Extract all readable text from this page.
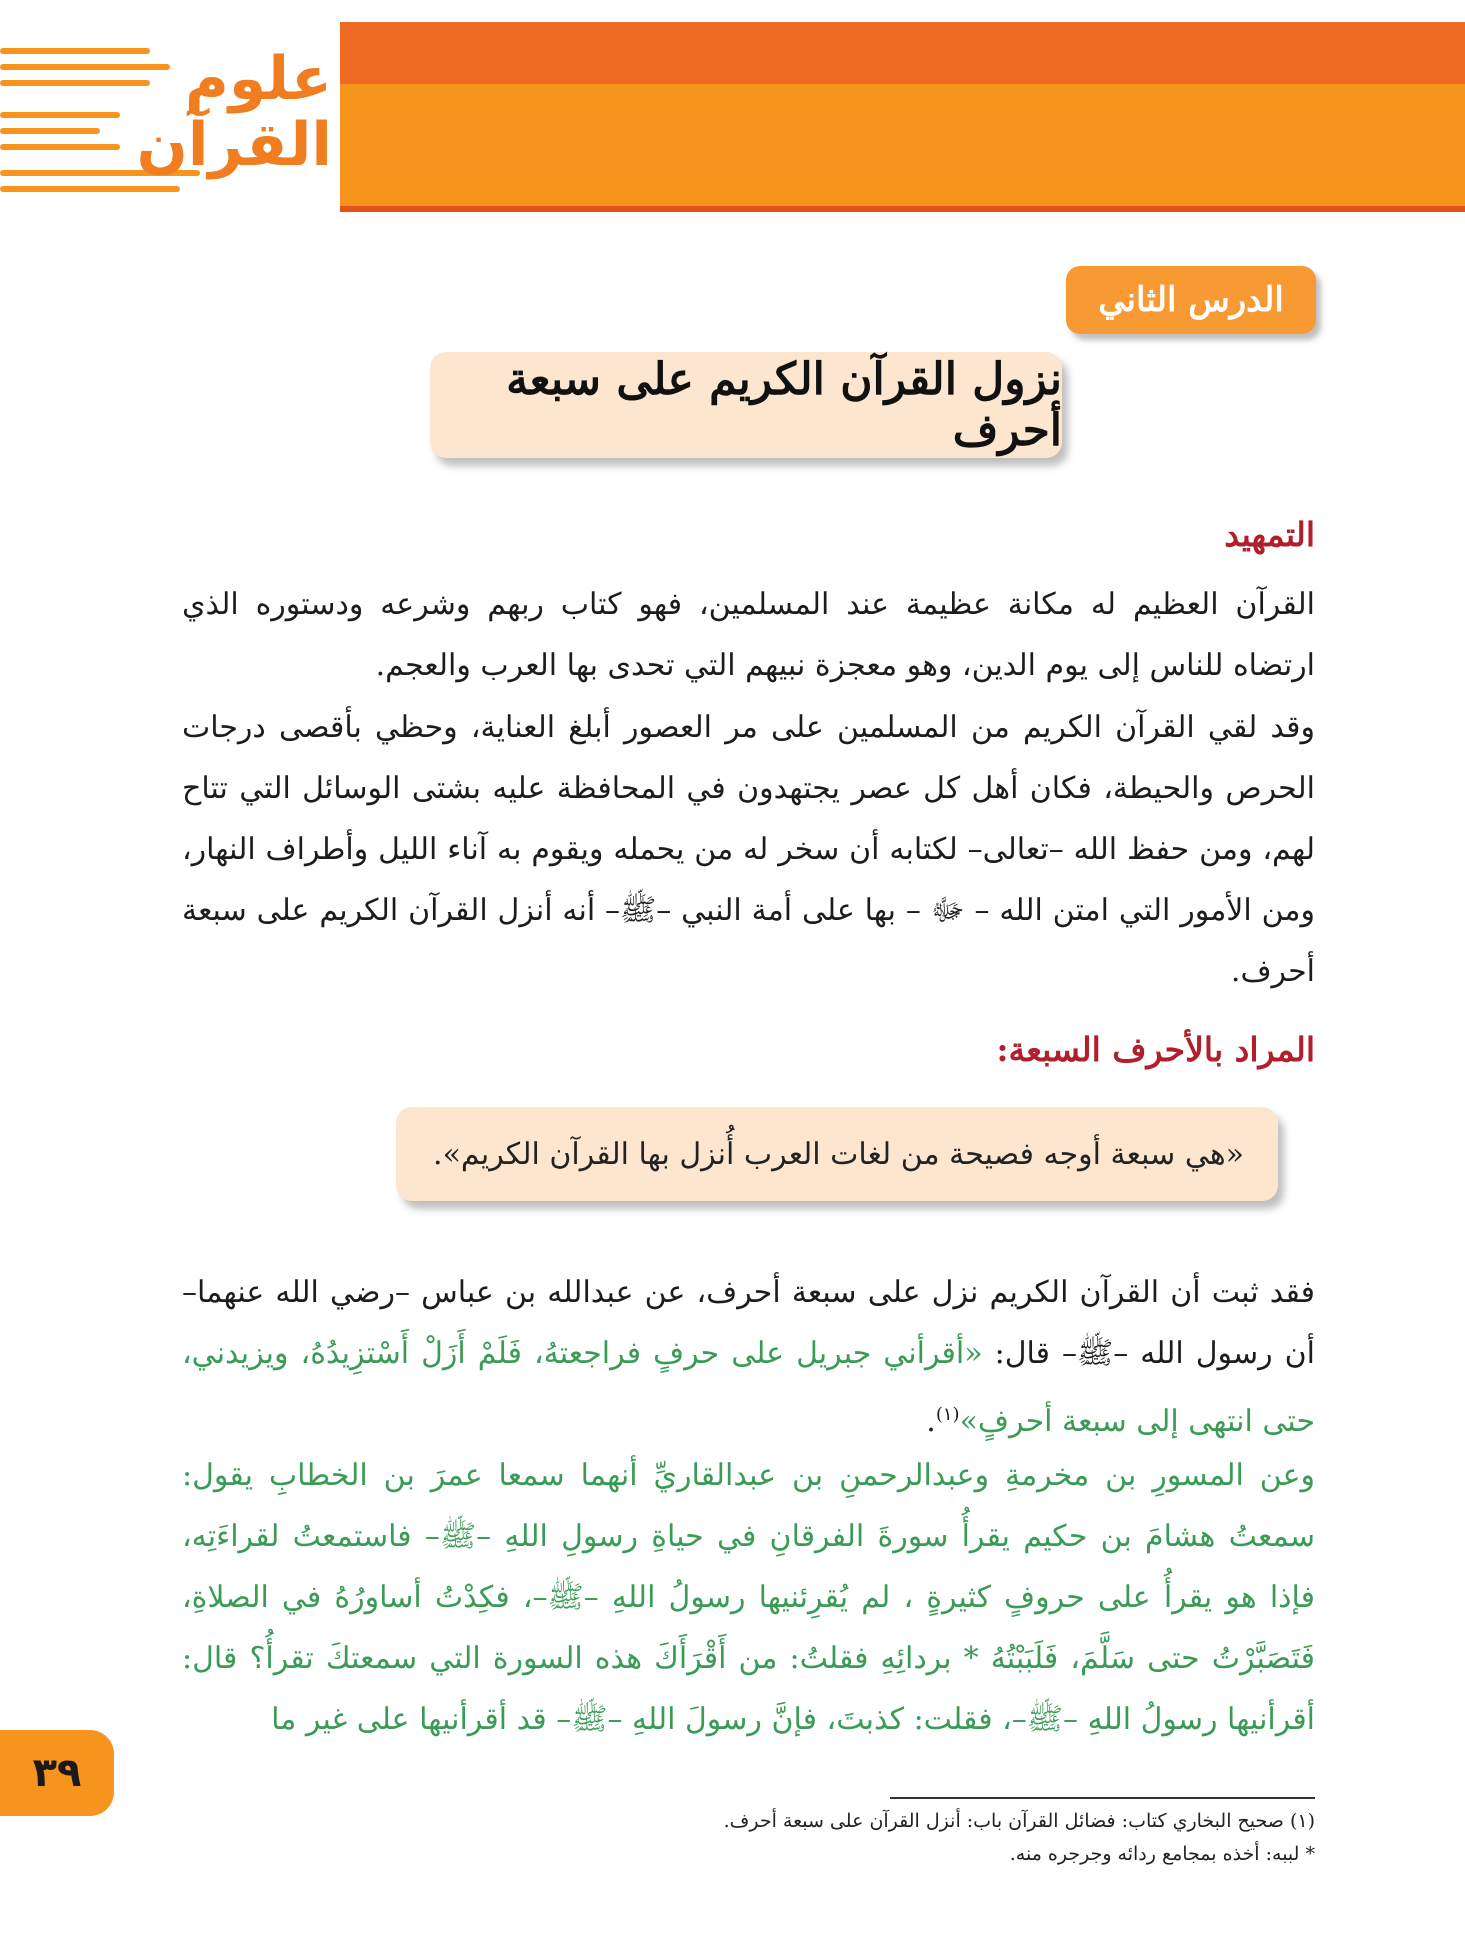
علوم
القرآن
الدرس الثاني
نزول القرآن الكريم على سبعة أحرف
التمهيد
القرآن العظيم له مكانة عظيمة عند المسلمين، فهو كتاب ربهم وشرعه ودستوره الذي ارتضاه للناس إلى يوم الدين، وهو معجزة نبيهم التي تحدى بها العرب والعجم.
وقد لقي القرآن الكريم من المسلمين على مر العصور أبلغ العناية، وحظي بأقصى درجات الحرص والحيطة، فكان أهل كل عصر يجتهدون في المحافظة عليه بشتى الوسائل التي تتاح لهم، ومن حفظ الله –تعالى– لكتابه أن سخر له من يحمله ويقوم به آناء الليل وأطراف النهار، ومن الأمور التي امتن الله – ﷻ – بها على أمة النبي –ﷺ– أنه أنزل القرآن الكريم على سبعة أحرف.
المراد بالأحرف السبعة:
«هي سبعة أوجه فصيحة من لغات العرب أُنزل بها القرآن الكريم».
فقد ثبت أن القرآن الكريم نزل على سبعة أحرف، عن عبدالله بن عباس –رضي الله عنهما– أن رسول الله –ﷺ– قال: «أقرأني جبريل على حرفٍ فراجعتهُ، فَلَمْ أَزَلْ أَسْتزِيدُهُ، ويزيدني، حتى انتهى إلى سبعة أحرفٍ»$^{(١)}$.
وعن المسورِ بن مخرمةِ وعبدالرحمنِ بن عبدالقاريِّ أنهما سمعا عمرَ بن الخطابِ يقول: سمعتُ هشامَ بن حكيم يقرأُ سورةَ الفرقانِ في حياةِ رسولِ اللهِ –ﷺ– فاستمعتُ لقراءَتِه، فإذا هو يقرأُ على حروفٍ كثيرةٍ ، لم يُقرِئنيها رسولُ اللهِ –ﷺ–، فكِدْتُ أساورُهُ في الصلاةِ، فَتَصَبَّرْتُ حتى سَلَّمَ، فَلَبَبْتُهُ * بردائِهِ فقلتُ: من أَقْرَأَكَ هذه السورة التي سمعتكَ تقرأُ؟ قال: أقرأنيها رسولُ اللهِ –ﷺ–، فقلت: كذبتَ، فإنَّ رسولَ اللهِ –ﷺ– قد أقرأنيها على غير ما
٣٩
(١) صحيح البخاري كتاب: فضائل القرآن باب: أنزل القرآن على سبعة أحرف.
* لببه: أخذه بمجامع ردائه وجرجره منه.
